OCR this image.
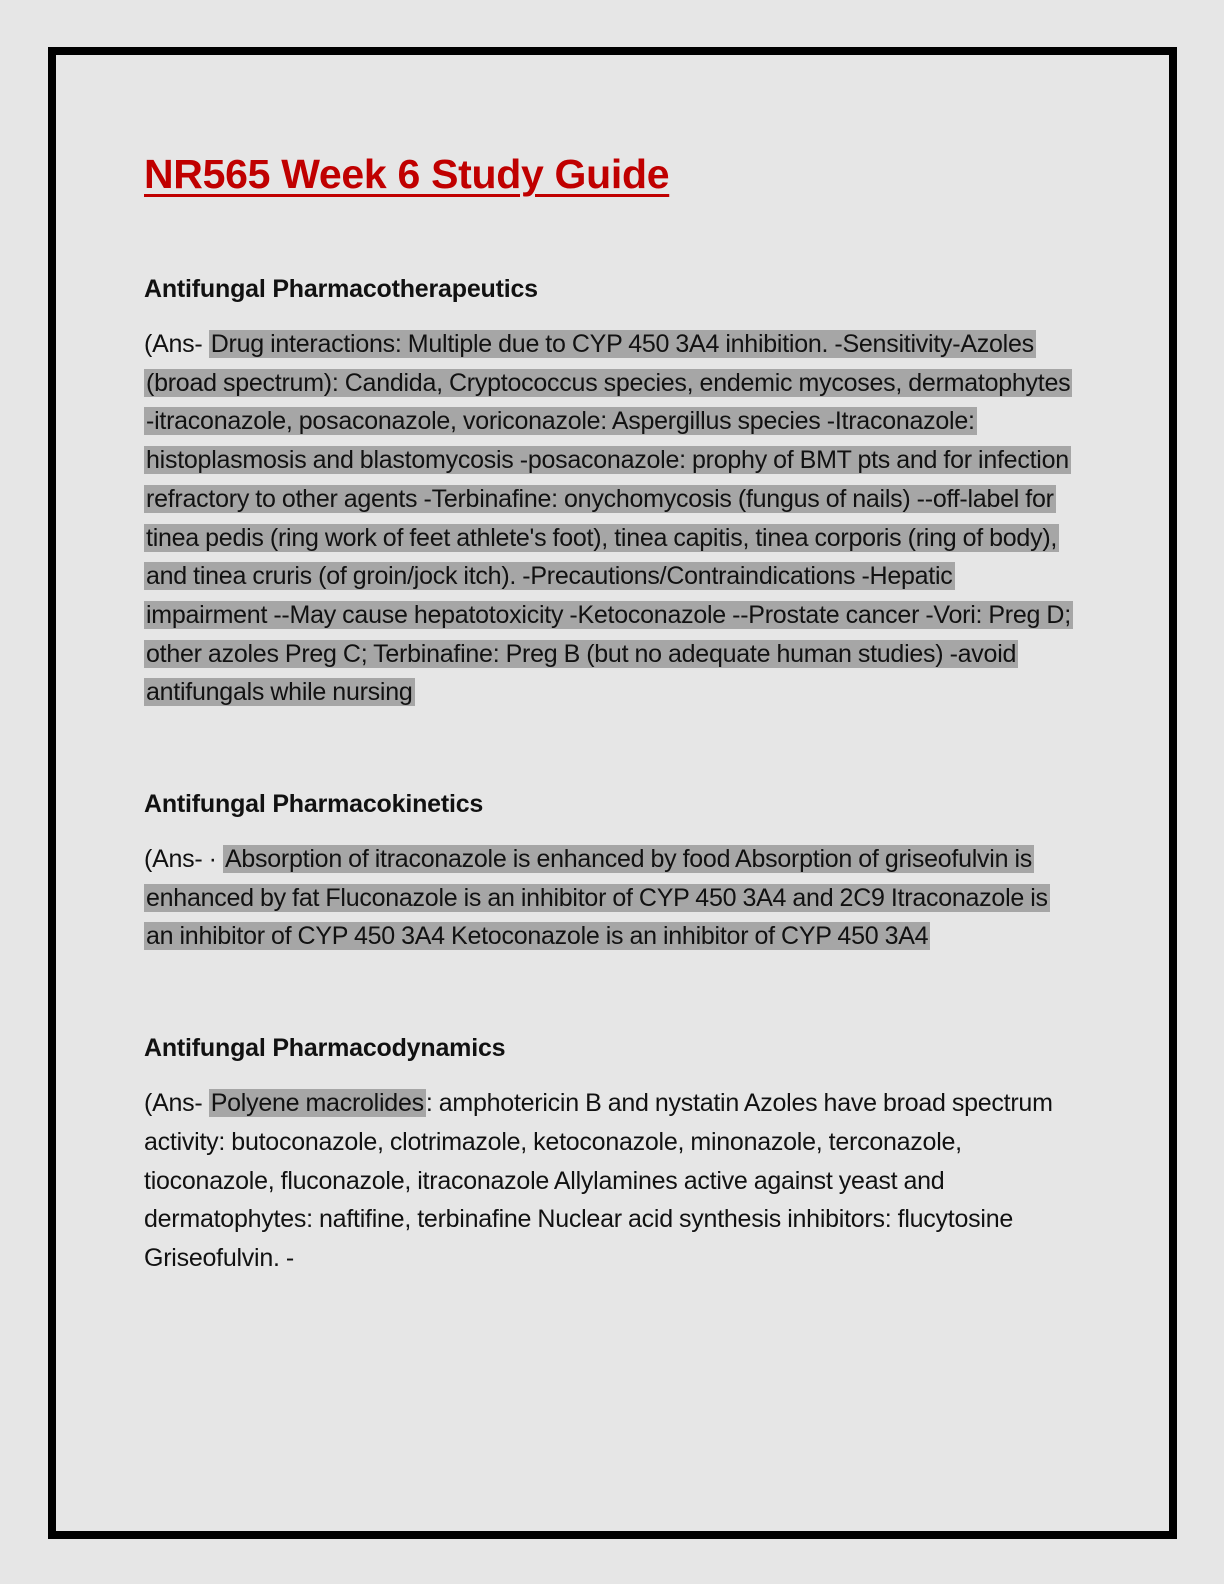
NR565 Week 6 Study Guide
Antifungal Pharmacotherapeutics

(Ans- Drug interactions: Multiple due to CYP 450 3A4 inhibition. -Sensitivity-Azoles (broad spectrum): Candida, Cryptococcus species, endemic mycoses, dermatophytes -itraconazole, posaconazole, voriconazole: Aspergillus species -Itraconazole: histoplasmosis and blastomycosis -posaconazole: prophy of BMT pts and for infection refractory to other agents -Terbinafine: onychomycosis (fungus of nails) --off-label for tinea pedis (ring work of feet athlete's foot), tinea capitis, tinea corporis (ring of body), and tinea cruris (of groin/jock itch). -Precautions/Contraindications -Hepatic impairment --May cause hepatotoxicity -Ketoconazole --Prostate cancer -Vori: Preg D; other azoles Preg C; Terbinafine: Preg B (but no adequate human studies) -avoid antifungals while nursing

Antifungal Pharmacokinetics

(Ans- · Absorption of itraconazole is enhanced by food Absorption of griseofulvin is enhanced by fat Fluconazole is an inhibitor of CYP 450 3A4 and 2C9 Itraconazole is an inhibitor of CYP 450 3A4 Ketoconazole is an inhibitor of CYP 450 3A4

Antifungal Pharmacodynamics

(Ans- Polyene macrolides: amphotericin B and nystatin Azoles have broad spectrum activity: butoconazole, clotrimazole, ketoconazole, minonazole, terconazole, tioconazole, fluconazole, itraconazole Allylamines active against yeast and dermatophytes: naftifine, terbinafine Nuclear acid synthesis inhibitors: flucytosine Griseofulvin. -
